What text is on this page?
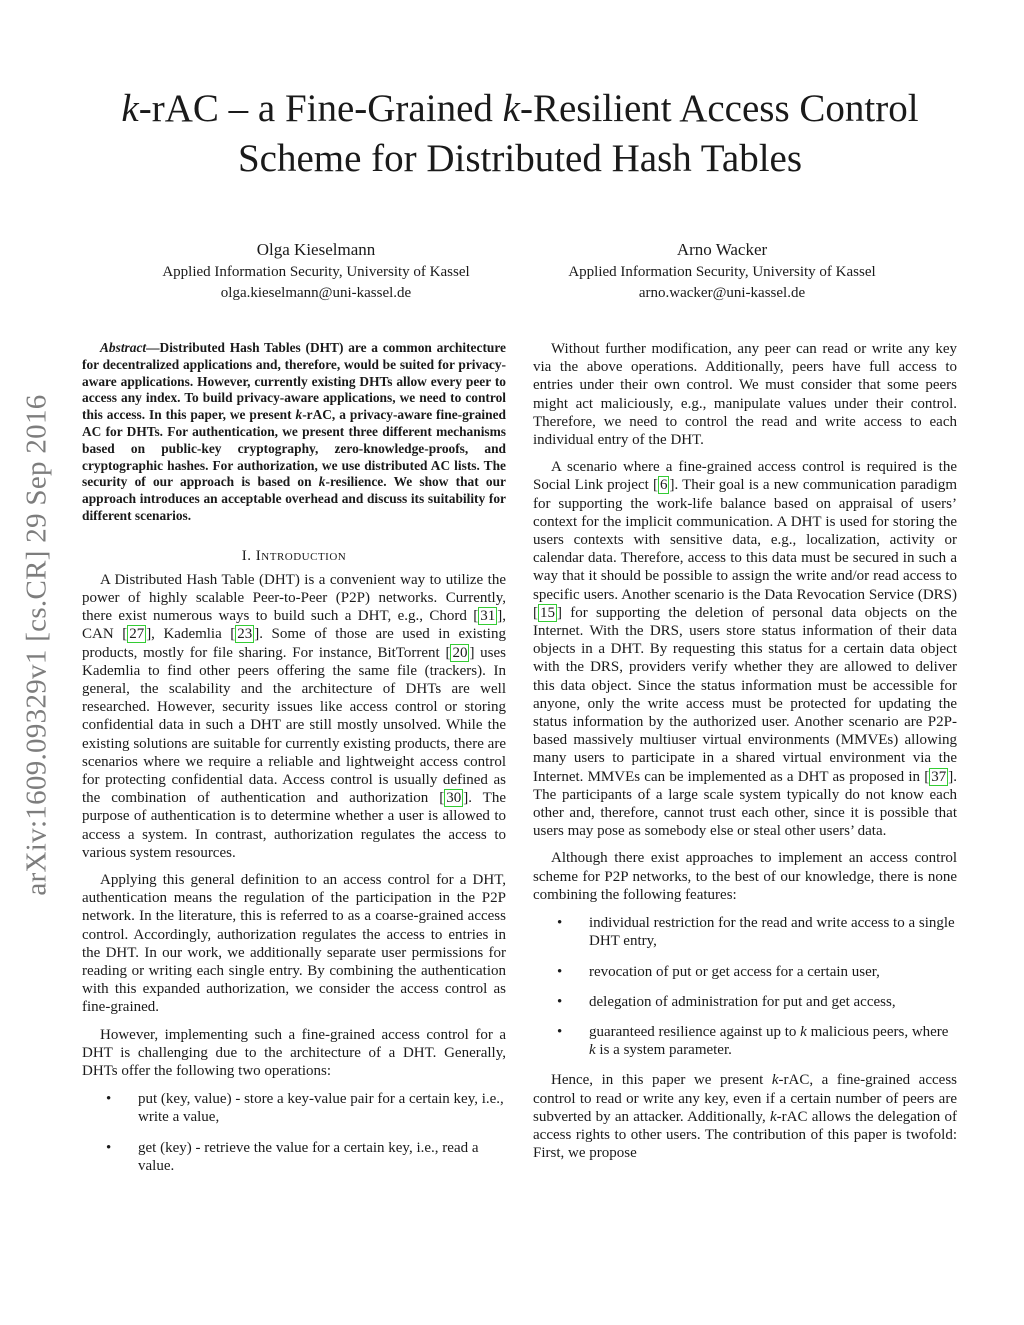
k-rAC – a Fine-Grained k-Resilient Access Control
Scheme for Distributed Hash Tables
Olga Kieselmann
Applied Information Security, University of Kassel
olga.kieselmann@uni-kassel.de
Arno Wacker
Applied Information Security, University of Kassel
arno.wacker@uni-kassel.de
arXiv:1609.09329v1 [cs.CR] 29 Sep 2016

Abstract—Distributed Hash Tables (DHT) are a common architecture for decentralized applications and, therefore, would be suited for privacy-aware applications. However, currently existing DHTs allow every peer to access any index. To build privacy-aware applications, we need to control this access. In this paper, we present k-rAC, a privacy-aware fine-grained AC for DHTs. For authentication, we present three different mechanisms based on public-key cryptography, zero-knowledge-proofs, and cryptographic hashes. For authorization, we use distributed AC lists. The security of our approach is based on k-resilience. We show that our approach introduces an acceptable overhead and discuss its suitability for different scenarios.

I. Introduction

A Distributed Hash Table (DHT) is a convenient way to utilize the power of highly scalable Peer-to-Peer (P2P) networks. Currently, there exist numerous ways to build such a DHT, e.g., Chord [ 31 ], CAN [ 27 ], Kademlia [ 23 ]. Some of those are used in existing products, mostly for file sharing. For instance, BitTorrent [ 20 ] uses Kademlia to find other peers offering the same file (trackers). In general, the scalability and the architecture of DHTs are well researched. However, security issues like access control or storing confidential data in such a DHT are still mostly unsolved. While the existing solutions are suitable for currently existing products, there are scenarios where we require a reliable and lightweight access control for protecting confidential data. Access control is usually defined as the combination of authentication and authorization [ 30 ]. The purpose of authentication is to determine whether a user is allowed to access a system. In contrast, authorization regulates the access to various system resources.

Applying this general definition to an access control for a DHT, authentication means the regulation of the participation in the P2P network. In the literature, this is referred to as a coarse-grained access control. Accordingly, authorization regulates the access to entries in the DHT. In our work, we additionally separate user permissions for reading or writing each single entry. By combining the authentication with this expanded authorization, we consider the access control as fine-grained.

However, implementing such a fine-grained access control for a DHT is challenging due to the architecture of a DHT. Generally, DHTs offer the following two operations:

• put (key, value) - store a key-value pair for a certain key, i.e., write a value,

• get (key) - retrieve the value for a certain key, i.e., read a value.

Without further modification, any peer can read or write any key via the above operations. Additionally, peers have full access to entries under their own control. We must consider that some peers might act maliciously, e.g., manipulate values under their control. Therefore, we need to control the read and write access to each individual entry of the DHT.

A scenario where a fine-grained access control is required is the Social Link project [ 6 ]. Their goal is a new communication paradigm for supporting the work-life balance based on appraisal of users’ context for the implicit communication. A DHT is used for storing the users contexts with sensitive data, e.g., localization, activity or calendar data. Therefore, access to this data must be secured in such a way that it should be possible to assign the write and/or read access to specific users. Another scenario is the Data Revocation Service (DRS) [ 15 ] for supporting the deletion of personal data objects on the Internet. With the DRS, users store status information of their data objects in a DHT. By requesting this status for a certain data object with the DRS, providers verify whether they are allowed to deliver this data object. Since the status information must be accessible for anyone, only the write access must be protected for updating the status information by the authorized user. Another scenario are P2P-based massively multiuser virtual environments (MMVEs) allowing many users to participate in a shared virtual environment via the Internet. MMVEs can be implemented as a DHT as proposed in [ 37 ]. The participants of a large scale system typically do not know each other and, therefore, cannot trust each other, since it is possible that users may pose as somebody else or steal other users’ data.

Although there exist approaches to implement an access control scheme for P2P networks, to the best of our knowledge, there is none combining the following features:

• individual restriction for the read and write access to a single DHT entry,

• revocation of put or get access for a certain user,

• delegation of administration for put and get access,

• guaranteed resilience against up to k malicious peers, where k is a system parameter.

Hence, in this paper we present k-rAC, a fine-grained access control to read or write any key, even if a certain number of peers are subverted by an attacker. Additionally, k-rAC allows the delegation of access rights to other users. The contribution of this paper is twofold: First, we propose
